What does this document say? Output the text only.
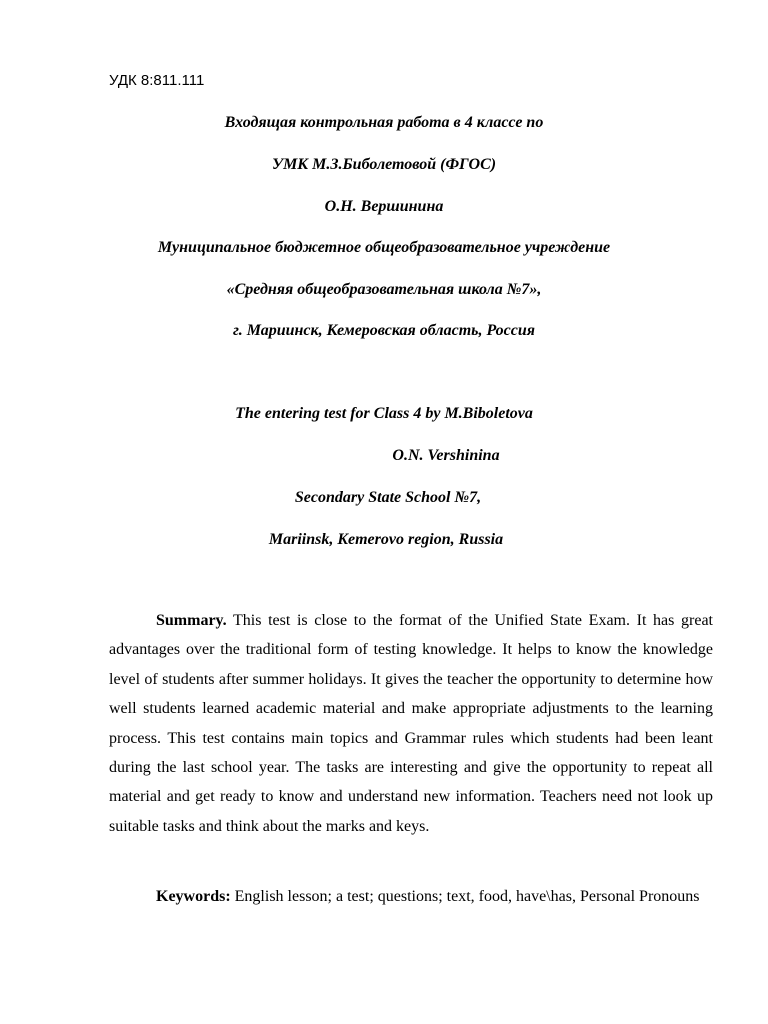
УДК 8:811.111
Входящая контрольная работа в 4 классе по
УМК М.З.Биболетовой (ФГОС)
О.Н. Вершинина
Муниципальное бюджетное общеобразовательное учреждение
«Средняя общеобразовательная школа №7»,
г. Мариинск, Кемеровская область, Россия
The entering test for Class 4 by M.Biboletova
O.N. Vershinina
Secondary State School №7,
Mariinsk, Kemerovo region, Russia

Summary. This test is close to the format of the Unified State Exam. It has great advantages over the traditional form of testing knowledge. It helps to know the knowledge level of students after summer holidays. It gives the teacher the opportunity to determine how well students learned academic material and make appropriate adjustments to the learning process. This test contains main topics and Grammar rules which students had been leant during the last school year. The tasks are interesting and give the opportunity to repeat all material and get ready to know and understand new information. Teachers need not look up suitable tasks and think about the marks and keys.

Keywords: English lesson; a test; questions; text, food, have\has, Personal Pronouns
